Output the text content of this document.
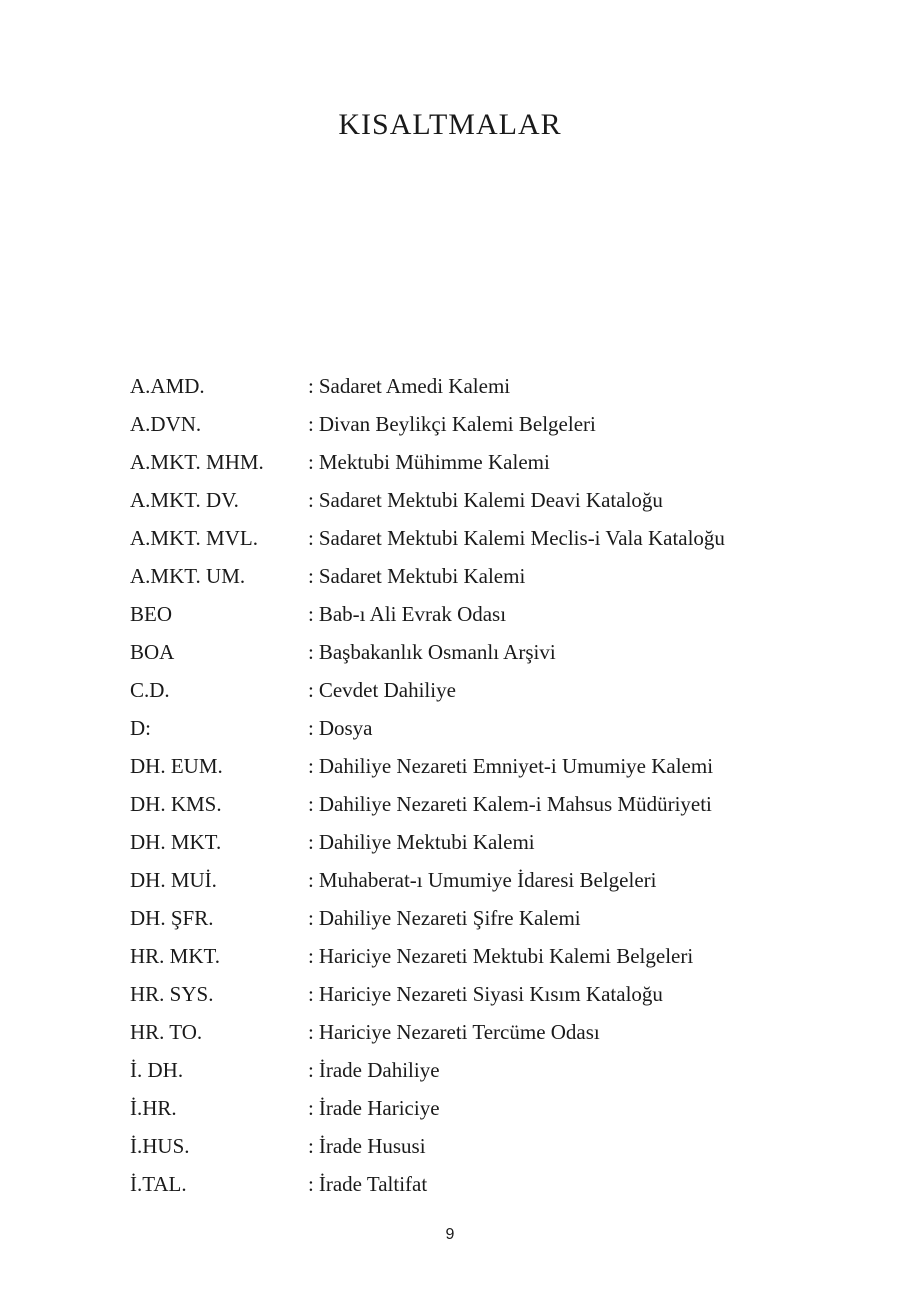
KISALTMALAR
A.AMD.	: Sadaret Amedi Kalemi
A.DVN.	: Divan Beylikçi Kalemi Belgeleri
A.MKT. MHM.	: Mektubi Mühimme Kalemi
A.MKT. DV.	: Sadaret Mektubi Kalemi Deavi Kataloğu
A.MKT. MVL.	: Sadaret Mektubi Kalemi Meclis-i Vala Kataloğu
A.MKT. UM.	: Sadaret Mektubi Kalemi
BEO	: Bab-ı Ali Evrak Odası
BOA	: Başbakanlık Osmanlı Arşivi
C.D.	: Cevdet Dahiliye
D:	: Dosya
DH. EUM.	: Dahiliye Nezareti Emniyet-i Umumiye Kalemi
DH. KMS.	: Dahiliye Nezareti Kalem-i Mahsus Müdüriyeti
DH. MKT.	: Dahiliye Mektubi Kalemi
DH. MUİ.	: Muhaberat-ı Umumiye İdaresi Belgeleri
DH. ŞFR.	: Dahiliye Nezareti Şifre Kalemi
HR. MKT.	: Hariciye Nezareti Mektubi Kalemi Belgeleri
HR. SYS.	: Hariciye Nezareti Siyasi Kısım Kataloğu
HR. TO.	: Hariciye Nezareti Tercüme Odası
İ. DH.	: İrade Dahiliye
İ.HR.	: İrade Hariciye
İ.HUS.	: İrade Hususi
İ.TAL.	: İrade Taltifat
9
